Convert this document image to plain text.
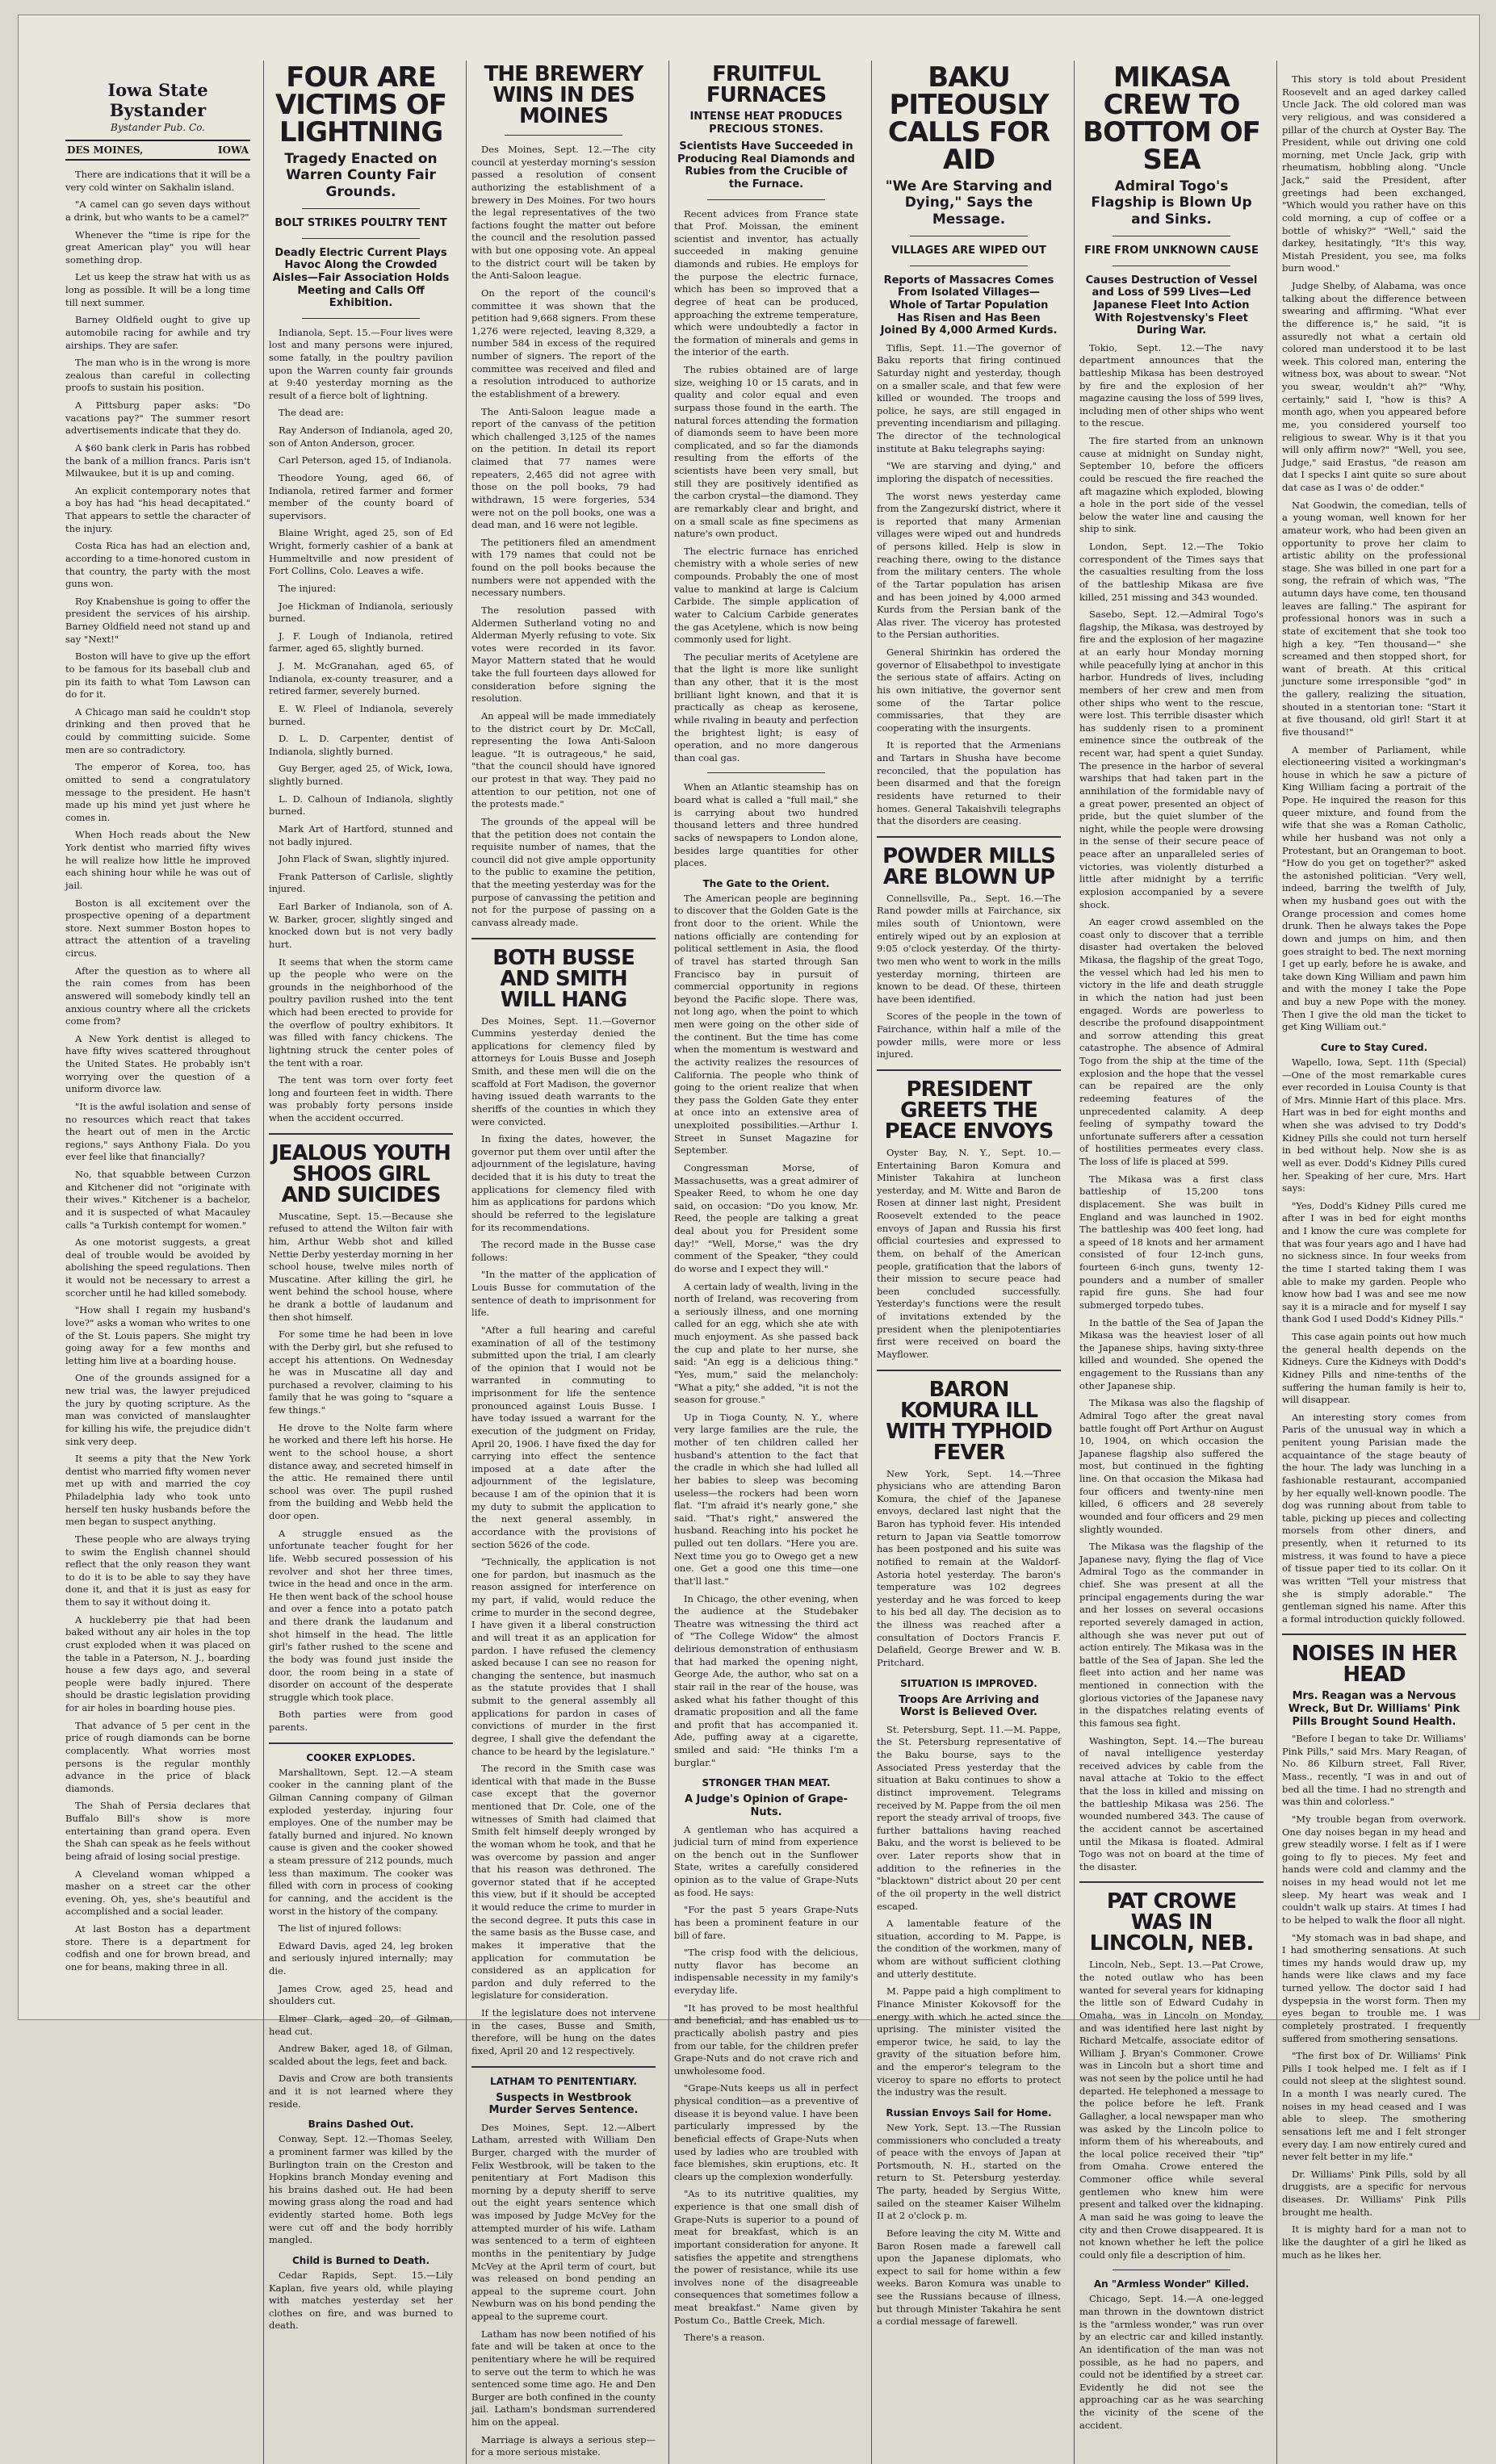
Iowa State Bystander
Bystander Pub. Co.
DES MOINES,	IOWA

There are indications that it will be a very cold winter on Sakhalin island.

"A camel can go seven days without a drink, but who wants to be a camel?"

Whenever the "time is ripe for the great American play" you will hear something drop.

Let us keep the straw hat with us as long as possible. It will be a long time till next summer.

Barney Oldfield ought to give up automobile racing for awhile and try airships. They are safer.

The man who is in the wrong is more zealous than careful in collecting proofs to sustain his position.

A Pittsburg paper asks: "Do vacations pay?" The summer resort advertisements indicate that they do.

A $60 bank clerk in Paris has robbed the bank of a million francs. Paris isn't Milwaukee, but it is up and coming.

An explicit contemporary notes that a boy has had "his head decapitated." That appears to settle the character of the injury.

Costa Rica has had an election and, according to a time-honored custom in that country, the party with the most guns won.

Roy Knabenshue is going to offer the president the services of his airship. Barney Oldfield need not stand up and say "Next!"

Boston will have to give up the effort to be famous for its baseball club and pin its faith to what Tom Lawson can do for it.

A Chicago man said he couldn't stop drinking and then proved that he could by committing suicide. Some men are so contradictory.

The emperor of Korea, too, has omitted to send a congratulatory message to the president. He hasn't made up his mind yet just where he comes in.

When Hoch reads about the New York dentist who married fifty wives he will realize how little he improved each shining hour while he was out of jail.

Boston is all excitement over the prospective opening of a department store. Next summer Boston hopes to attract the attention of a traveling circus.

After the question as to where all the rain comes from has been answered will somebody kindly tell an anxious country where all the crickets come from?

A New York dentist is alleged to have fifty wives scattered throughout the United States. He probably isn't worrying over the question of a uniform divorce law.

"It is the awful isolation and sense of no resources which react that takes the heart out of men in the Arctic regions," says Anthony Fiala. Do you ever feel like that financially?

No, that squabble between Curzon and Kitchener did not "originate with their wives." Kitchener is a bachelor, and it is suspected of what Macauley calls "a Turkish contempt for women."

As one motorist suggests, a great deal of trouble would be avoided by abolishing the speed regulations. Then it would not be necessary to arrest a scorcher until he had killed somebody.

"How shall I regain my husband's love?" asks a woman who writes to one of the St. Louis papers. She might try going away for a few months and letting him live at a boarding house.

One of the grounds assigned for a new trial was, the lawyer prejudiced the jury by quoting scripture. As the man was convicted of manslaughter for killing his wife, the prejudice didn't sink very deep.

It seems a pity that the New York dentist who married fifty women never met up with and married the coy Philadelphia lady who took unto herself ten husky husbands before the men began to suspect anything.

These people who are always trying to swim the English channel should reflect that the only reason they want to do it is to be able to say they have done it, and that it is just as easy for them to say it without doing it.

A huckleberry pie that had been baked without any air holes in the top crust exploded when it was placed on the table in a Paterson, N. J., boarding house a few days ago, and several people were badly injured. There should be drastic legislation providing for air holes in boarding house pies.

That advance of 5 per cent in the price of rough diamonds can be borne complacently. What worries most persons is the regular monthly advance in the price of black diamonds.

The Shah of Persia declares that Buffalo Bill's show is more entertaining than grand opera. Even the Shah can speak as he feels without being afraid of losing social prestige.

A Cleveland woman whipped a masher on a street car the other evening. Oh, yes, she's beautiful and accomplished and a social leader.

At last Boston has a department store. There is a department for codfish and one for brown bread, and one for beans, making three in all.

FOUR ARE VICTIMS OF LIGHTNING
Tragedy Enacted on Warren County Fair Grounds.
BOLT STRIKES POULTRY TENT
Deadly Electric Current Plays Havoc Along the Crowded Aisles—Fair Association Holds Meeting and Calls Off Exhibition.

Indianola, Sept. 15.—Four lives were lost and many persons were injured, some fatally, in the poultry pavilion upon the Warren county fair grounds at 9:40 yesterday morning as the result of a fierce bolt of lightning.

The dead are:

Ray Anderson of Indianola, aged 20, son of Anton Anderson, grocer.

Carl Peterson, aged 15, of Indianola.

Theodore Young, aged 66, of Indianola, retired farmer and former member of the county board of supervisors.

Blaine Wright, aged 25, son of Ed Wright, formerly cashier of a bank at Hummeltville and now president of Fort Collins, Colo. Leaves a wife.

The injured:

Joe Hickman of Indianola, seriously burned.

J. F. Lough of Indianola, retired farmer, aged 65, slightly burned.

J. M. McGranahan, aged 65, of Indianola, ex-county treasurer, and a retired farmer, severely burned.

E. W. Fleel of Indianola, severely burned.

D. L. D. Carpenter, dentist of Indianola, slightly burned.

Guy Berger, aged 25, of Wick, Iowa, slightly burned.

L. D. Calhoun of Indianola, slightly burned.

Mark Art of Hartford, stunned and not badly injured.

John Flack of Swan, slightly injured.

Frank Patterson of Carlisle, slightly injured.

Earl Barker of Indianola, son of A. W. Barker, grocer, slightly singed and knocked down but is not very badly hurt.

It seems that when the storm came up the people who were on the grounds in the neighborhood of the poultry pavilion rushed into the tent which had been erected to provide for the overflow of poultry exhibitors. It was filled with fancy chickens. The lightning struck the center poles of the tent with a roar.

The tent was torn over forty feet long and fourteen feet in width. There was probably forty persons inside when the accident occurred.

JEALOUS YOUTH SHOOS GIRL AND SUICIDES

Muscatine, Sept. 15.—Because she refused to attend the Wilton fair with him, Arthur Webb shot and killed Nettie Derby yesterday morning in her school house, twelve miles north of Muscatine. After killing the girl, he went behind the school house, where he drank a bottle of laudanum and then shot himself.

For some time he had been in love with the Derby girl, but she refused to accept his attentions. On Wednesday he was in Muscatine all day and purchased a revolver, claiming to his family that he was going to "square a few things."

He drove to the Nolte farm where he worked and there left his horse. He went to the school house, a short distance away, and secreted himself in the attic. He remained there until school was over. The pupil rushed from the building and Webb held the door open.

A struggle ensued as the unfortunate teacher fought for her life. Webb secured possession of his revolver and shot her three times, twice in the head and once in the arm. He then went back of the school house and over a fence into a potato patch and there drank the laudanum and shot himself in the head. The little girl's father rushed to the scene and the body was found just inside the door, the room being in a state of disorder on account of the desperate struggle which took place.

Both parties were from good parents.

COOKER EXPLODES.

Marshalltown, Sept. 12.—A steam cooker in the canning plant of the Gilman Canning company of Gilman exploded yesterday, injuring four employes. One of the number may be fatally burned and injured. No known cause is given and the cooker showed a steam pressure of 212 pounds, much less than maximum. The cooker was filled with corn in process of cooking for canning, and the accident is the worst in the history of the company.

The list of injured follows:

Edward Davis, aged 24, leg broken and seriously injured internally; may die.

James Crow, aged 25, head and shoulders cut.

Elmer Clark, aged 20, of Gilman, head cut.

Andrew Baker, aged 18, of Gilman, scalded about the legs, feet and back.

Davis and Crow are both transients and it is not learned where they reside.

Brains Dashed Out.

Conway, Sept. 12.—Thomas Seeley, a prominent farmer was killed by the Burlington train on the Creston and Hopkins branch Monday evening and his brains dashed out. He had been mowing grass along the road and had evidently started home. Both legs were cut off and the body horribly mangled.

Child is Burned to Death.

Cedar Rapids, Sept. 15.—Lily Kaplan, five years old, while playing with matches yesterday set her clothes on fire, and was burned to death.

THE BREWERY WINS IN DES MOINES

Des Moines, Sept. 12.—The city council at yesterday morning's session passed a resolution of consent authorizing the establishment of a brewery in Des Moines. For two hours the legal representatives of the two factions fought the matter out before the council and the resolution passed with but one opposing vote. An appeal to the district court will be taken by the Anti-Saloon league.

On the report of the council's committee it was shown that the petition had 9,668 signers. From these 1,276 were rejected, leaving 8,329, a number 584 in excess of the required number of signers. The report of the committee was received and filed and a resolution introduced to authorize the establishment of a brewery.

The Anti-Saloon league made a report of the canvass of the petition which challenged 3,125 of the names on the petition. In detail its report claimed that 77 names were repeaters, 2,465 did not agree with those on the poll books, 79 had withdrawn, 15 were forgeries, 534 were not on the poll books, one was a dead man, and 16 were not legible.

The petitioners filed an amendment with 179 names that could not be found on the poll books because the numbers were not appended with the necessary numbers.

The resolution passed with Aldermen Sutherland voting no and Alderman Myerly refusing to vote. Six votes were recorded in its favor. Mayor Mattern stated that he would take the full fourteen days allowed for consideration before signing the resolution.

An appeal will be made immediately to the district court by Dr. McCall, representing the Iowa Anti-Saloon league. "It is outrageous," he said, "that the council should have ignored our protest in that way. They paid no attention to our petition, not one of the protests made."

The grounds of the appeal will be that the petition does not contain the requisite number of names, that the council did not give ample opportunity to the public to examine the petition, that the meeting yesterday was for the purpose of canvassing the petition and not for the purpose of passing on a canvass already made.

BOTH BUSSE AND SMITH WILL HANG

Des Moines, Sept. 11.—Governor Cummins yesterday denied the applications for clemency filed by attorneys for Louis Busse and Joseph Smith, and these men will die on the scaffold at Fort Madison, the governor having issued death warrants to the sheriffs of the counties in which they were convicted.

In fixing the dates, however, the governor put them over until after the adjournment of the legislature, having decided that it is his duty to treat the applications for clemency filed with him as applications for pardons which should be referred to the legislature for its recommendations.

The record made in the Busse case follows:

"In the matter of the application of Louis Busse for commutation of the sentence of death to imprisonment for life.

"After a full hearing and careful examination of all of the testimony submitted upon the trial, I am clearly of the opinion that I would not be warranted in commuting to imprisonment for life the sentence pronounced against Louis Busse. I have today issued a warrant for the execution of the judgment on Friday, April 20, 1906. I have fixed the day for carrying into effect the sentence imposed at a date after the adjournment of the legislature, because I am of the opinion that it is my duty to submit the application to the next general assembly, in accordance with the provisions of section 5626 of the code.

"Technically, the application is not one for pardon, but inasmuch as the reason assigned for interference on my part, if valid, would reduce the crime to murder in the second degree, I have given it a liberal construction and will treat it as an application for pardon. I have refused the clemency asked because I can see no reason for changing the sentence, but inasmuch as the statute provides that I shall submit to the general assembly all applications for pardon in cases of convictions of murder in the first degree, I shall give the defendant the chance to be heard by the legislature."

The record in the Smith case was identical with that made in the Busse case except that the governor mentioned that Dr. Cole, one of the witnesses of Smith had claimed that Smith felt himself deeply wronged by the woman whom he took, and that he was overcome by passion and anger that his reason was dethroned. The governor stated that if he accepted this view, but if it should be accepted it would reduce the crime to murder in the second degree. It puts this case in the same basis as the Busse case, and makes it imperative that the application for commutation be considered as an application for pardon and duly referred to the legislature for consideration.

If the legislature does not intervene in the cases, Busse and Smith, therefore, will be hung on the dates fixed, April 20 and 12 respectively.

LATHAM TO PENITENTIARY.
Suspects in Westbrook Murder Serves Sentence.

Des Moines, Sept. 12.—Albert Latham, arrested with William Den Burger, charged with the murder of Felix Westbrook, will be taken to the penitentiary at Fort Madison this morning by a deputy sheriff to serve out the eight years sentence which was imposed by Judge McVey for the attempted murder of his wife. Latham was sentenced to a term of eighteen months in the penitentiary by Judge McVey at the April term of court, but was released on bond pending an appeal to the supreme court. John Newburn was on his bond pending the appeal to the supreme court.

Latham has now been notified of his fate and will be taken at once to the penitentiary where he will be required to serve out the term to which he was sentenced some time ago. He and Den Burger are both confined in the county jail. Latham's bondsman surrendered him on the appeal.

Marriage is always a serious step—for a more serious mistake.

FRUITFUL FURNACES
INTENSE HEAT PRODUCES PRECIOUS STONES.
Scientists Have Succeeded in Producing Real Diamonds and Rubies from the Crucible of the Furnace.

Recent advices from France state that Prof. Moissan, the eminent scientist and inventor, has actually succeeded in making genuine diamonds and rubies. He employs for the purpose the electric furnace, which has been so improved that a degree of heat can be produced, approaching the extreme temperature, which were undoubtedly a factor in the formation of minerals and gems in the interior of the earth.

The rubies obtained are of large size, weighing 10 or 15 carats, and in quality and color equal and even surpass those found in the earth. The natural forces attending the formation of diamonds seem to have been more complicated, and so far the diamonds resulting from the efforts of the scientists have been very small, but still they are positively identified as the carbon crystal—the diamond. They are remarkably clear and bright, and on a small scale as fine specimens as nature's own product.

The electric furnace has enriched chemistry with a whole series of new compounds. Probably the one of most value to mankind at large is Calcium Carbide. The simple application of water to Calcium Carbide generates the gas Acetylene, which is now being commonly used for light.

The peculiar merits of Acetylene are that the light is more like sunlight than any other, that it is the most brilliant light known, and that it is practically as cheap as kerosene, while rivaling in beauty and perfection the brightest light; is easy of operation, and no more dangerous than coal gas.

When an Atlantic steamship has on board what is called a "full mail," she is carrying about two hundred thousand letters and three hundred sacks of newspapers to London alone, besides large quantities for other places.

The Gate to the Orient.

The American people are beginning to discover that the Golden Gate is the front door to the orient. While the nations officially are contending for political settlement in Asia, the flood of travel has started through San Francisco bay in pursuit of commercial opportunity in regions beyond the Pacific slope. There was, not long ago, when the point to which men were going on the other side of the continent. But the time has come when the momentum is westward and the activity realizes the resources of California. The people who think of going to the orient realize that when they pass the Golden Gate they enter at once into an extensive area of unexploited possibilities.—Arthur I. Street in Sunset Magazine for September.

Congressman Morse, of Massachusetts, was a great admirer of Speaker Reed, to whom he one day said, on occasion: "Do you know, Mr. Reed, the people are talking a great deal about you for President some day!" "Well, Morse," was the dry comment of the Speaker, "they could do worse and I expect they will."

A certain lady of wealth, living in the north of Ireland, was recovering from a seriously illness, and one morning called for an egg, which she ate with much enjoyment. As she passed back the cup and plate to her nurse, she said: "An egg is a delicious thing." "Yes, mum," said the melancholy: "What a pity," she added, "it is not the season for grouse."

Up in Tioga County, N. Y., where very large families are the rule, the mother of ten children called her husband's attention to the fact that the cradle in which she had lulled all her babies to sleep was becoming useless—the rockers had been worn flat. "I'm afraid it's nearly gone," she said. "That's right," answered the husband. Reaching into his pocket he pulled out ten dollars. "Here you are. Next time you go to Owego get a new one. Get a good one this time—one that'll last."

In Chicago, the other evening, when the audience at the Studebaker Theatre was witnessing the third act of "The College Widow" the almost delirious demonstration of enthusiasm that had marked the opening night, George Ade, the author, who sat on a stair rail in the rear of the house, was asked what his father thought of this dramatic proposition and all the fame and profit that has accompanied it. Ade, puffing away at a cigarette, smiled and said: "He thinks I'm a burglar."

STRONGER THAN MEAT.
A Judge's Opinion of Grape-Nuts.

A gentleman who has acquired a judicial turn of mind from experience on the bench out in the Sunflower State, writes a carefully considered opinion as to the value of Grape-Nuts as food. He says:

"For the past 5 years Grape-Nuts has been a prominent feature in our bill of fare.

"The crisp food with the delicious, nutty flavor has become an indispensable necessity in my family's everyday life.

"It has proved to be most healthful and beneficial, and has enabled us to practically abolish pastry and pies from our table, for the children prefer Grape-Nuts and do not crave rich and unwholesome food.

"Grape-Nuts keeps us all in perfect physical condition—as a preventive of disease it is beyond value. I have been particularly impressed by the beneficial effects of Grape-Nuts when used by ladies who are troubled with face blemishes, skin eruptions, etc. It clears up the complexion wonderfully.

"As to its nutritive qualities, my experience is that one small dish of Grape-Nuts is superior to a pound of meat for breakfast, which is an important consideration for anyone. It satisfies the appetite and strengthens the power of resistance, while its use involves none of the disagreeable consequences that sometimes follow a meat breakfast." Name given by Postum Co., Battle Creek, Mich.

There's a reason.

BAKU PITEOUSLY CALLS FOR AID
"We Are Starving and Dying," Says the Message.
VILLAGES ARE WIPED OUT
Reports of Massacres Comes From Isolated Villages—Whole of Tartar Population Has Risen and Has Been Joined By 4,000 Armed Kurds.

Tiflis, Sept. 11.—The governor of Baku reports that firing continued Saturday night and yesterday, though on a smaller scale, and that few were killed or wounded. The troops and police, he says, are still engaged in preventing incendiarism and pillaging. The director of the technological institute at Baku telegraphs saying:

"We are starving and dying," and imploring the dispatch of necessities.

The worst news yesterday came from the Zangezurskí district, where it is reported that many Armenian villages were wiped out and hundreds of persons killed. Help is slow in reaching there, owing to the distance from the military centers. The whole of the Tartar population has arisen and has been joined by 4,000 armed Kurds from the Persian bank of the Alas river. The viceroy has protested to the Persian authorities.

General Shirinkin has ordered the governor of Elisabethpol to investigate the serious state of affairs. Acting on his own initiative, the governor sent some of the Tartar police commissaries, that they are cooperating with the insurgents.

It is reported that the Armenians and Tartars in Shusha have become reconciled, that the population has been disarmed and that the foreign residents have returned to their homes. General Takaishvili telegraphs that the disorders are ceasing.

POWDER MILLS ARE BLOWN UP

Connellsville, Pa., Sept. 16.—The Rand powder mills at Fairchance, six miles south of Uniontown, were entirely wiped out by an explosion at 9:05 o'clock yesterday. Of the thirty-two men who went to work in the mills yesterday morning, thirteen are known to be dead. Of these, thirteen have been identified.

Scores of the people in the town of Fairchance, within half a mile of the powder mills, were more or less injured.

PRESIDENT GREETS THE PEACE ENVOYS

Oyster Bay, N. Y., Sept. 10.—Entertaining Baron Komura and Minister Takahira at luncheon yesterday, and M. Witte and Baron de Rosen at dinner last night, President Roosevelt extended to the peace envoys of Japan and Russia his first official courtesies and expressed to them, on behalf of the American people, gratification that the labors of their mission to secure peace had been concluded successfully. Yesterday's functions were the result of invitations extended by the president when the plenipotentiaries first were received on board the Mayflower.

BARON KOMURA ILL WITH TYPHOID FEVER

New York, Sept. 14.—Three physicians who are attending Baron Komura, the chief of the Japanese envoys, declared last night that the Baron has typhoid fever. His intended return to Japan via Seattle tomorrow has been postponed and his suite was notified to remain at the Waldorf-Astoria hotel yesterday. The baron's temperature was 102 degrees yesterday and he was forced to keep to his bed all day. The decision as to the illness was reached after a consultation of Doctors Francis F. Delafield, George Brewer and W. B. Pritchard.

SITUATION IS IMPROVED.
Troops Are Arriving and Worst is Believed Over.

St. Petersburg, Sept. 11.—M. Pappe, the St. Petersburg representative of the Baku bourse, says to the Associated Press yesterday that the situation at Baku continues to show a distinct improvement. Telegrams received by M. Pappe from the oil men report the steady arrival of troops, five further battalions having reached Baku, and the worst is believed to be over. Later reports show that in addition to the refineries in the "blacktown" district about 20 per cent of the oil property in the well district escaped.

A lamentable feature of the situation, according to M. Pappe, is the condition of the workmen, many of whom are without sufficient clothing and utterly destitute.

M. Pappe paid a high compliment to Finance Minister Kokovsoff for the energy with which he acted since the uprising. The minister visited the emperor twice, he said, to lay the gravity of the situation before him, and the emperor's telegram to the viceroy to spare no efforts to protect the industry was the result.

Russian Envoys Sail for Home.

New York, Sept. 13.—The Russian commissioners who concluded a treaty of peace with the envoys of Japan at Portsmouth, N. H., started on the return to St. Petersburg yesterday. The party, headed by Sergius Witte, sailed on the steamer Kaiser Wilhelm II at 2 o'clock p. m.

Before leaving the city M. Witte and Baron Rosen made a farewell call upon the Japanese diplomats, who expect to sail for home within a few weeks. Baron Komura was unable to see the Russians because of illness, but through Minister Takahira he sent a cordial message of farewell.

MIKASA CREW TO BOTTOM OF SEA
Admiral Togo's Flagship is Blown Up and Sinks.
FIRE FROM UNKNOWN CAUSE
Causes Destruction of Vessel and Loss of 599 Lives—Led Japanese Fleet Into Action With Rojestvensky's Fleet During War.

Tokio, Sept. 12.—The navy department announces that the battleship Mikasa has been destroyed by fire and the explosion of her magazine causing the loss of 599 lives, including men of other ships who went to the rescue.

The fire started from an unknown cause at midnight on Sunday night, September 10, before the officers could be rescued the fire reached the aft magazine which exploded, blowing a hole in the port side of the vessel below the water line and causing the ship to sink.

London, Sept. 12.—The Tokio correspondent of the Times says that the casualties resulting from the loss of the battleship Mikasa are five killed, 251 missing and 343 wounded.

Sasebo, Sept. 12.—Admiral Togo's flagship, the Mikasa, was destroyed by fire and the explosion of her magazine at an early hour Monday morning while peacefully lying at anchor in this harbor. Hundreds of lives, including members of her crew and men from other ships who went to the rescue, were lost. This terrible disaster which has suddenly risen to a prominent eminence since the outbreak of the recent war, had spent a quiet Sunday. The presence in the harbor of several warships that had taken part in the annihilation of the formidable navy of a great power, presented an object of pride, but the quiet slumber of the night, while the people were drowsing in the sense of their secure peace of peace after an unparalleled series of victories, was violently disturbed a little after midnight by a terrific explosion accompanied by a severe shock.

An eager crowd assembled on the coast only to discover that a terrible disaster had overtaken the beloved Mikasa, the flagship of the great Togo, the vessel which had led his men to victory in the life and death struggle in which the nation had just been engaged. Words are powerless to describe the profound disappointment and sorrow attending this great catastrophe. The absence of Admiral Togo from the ship at the time of the explosion and the hope that the vessel can be repaired are the only redeeming features of the unprecedented calamity. A deep feeling of sympathy toward the unfortunate sufferers after a cessation of hostilities permeates every class. The loss of life is placed at 599.

The Mikasa was a first class battleship of 15,200 tons displacement. She was built in England and was launched in 1902. The battleship was 400 feet long, had a speed of 18 knots and her armament consisted of four 12-inch guns, fourteen 6-inch guns, twenty 12-pounders and a number of smaller rapid fire guns. She had four submerged torpedo tubes.

In the battle of the Sea of Japan the Mikasa was the heaviest loser of all the Japanese ships, having sixty-three killed and wounded. She opened the engagement to the Russians than any other Japanese ship.

The Mikasa was also the flagship of Admiral Togo after the great naval battle fought off Port Arthur on August 10, 1904, on which occasion the Japanese flagship also suffered the most, but continued in the fighting line. On that occasion the Mikasa had four officers and twenty-nine men killed, 6 officers and 28 severely wounded and four officers and 29 men slightly wounded.

The Mikasa was the flagship of the Japanese navy, flying the flag of Vice Admiral Togo as the commander in chief. She was present at all the principal engagements during the war and her losses on several occasions reported severely damaged in action, although she was never put out of action entirely. The Mikasa was in the battle of the Sea of Japan. She led the fleet into action and her name was mentioned in connection with the glorious victories of the Japanese navy in the dispatches relating events of this famous sea fight.

Washington, Sept. 14.—The bureau of naval intelligence yesterday received advices by cable from the naval attache at Tokio to the effect that the loss in killed and missing on the battleship Mikasa was 256. The wounded numbered 343. The cause of the accident cannot be ascertained until the Mikasa is floated. Admiral Togo was not on board at the time of the disaster.

PAT CROWE WAS IN LINCOLN, NEB.

Lincoln, Neb., Sept. 13.—Pat Crowe, the noted outlaw who has been wanted for several years for kidnaping the little son of Edward Cudahy in Omaha, was in Lincoln on Monday, and was identified here last night by Richard Metcalfe, associate editor of William J. Bryan's Commoner. Crowe was in Lincoln but a short time and was not seen by the police until he had departed. He telephoned a message to the police before he left. Frank Gallagher, a local newspaper man who was asked by the Lincoln police to inform them of his whereabouts, and the local police received their "tip" from Omaha. Crowe entered the Commoner office while several gentlemen who knew him were present and talked over the kidnaping. A man said he was going to leave the city and then Crowe disappeared. It is not known whether he left the police could only file a description of him.

An "Armless Wonder" Killed.

Chicago, Sept. 14.—A one-legged man thrown in the downtown district is the "armless wonder," was run over by an electric car and killed instantly. An identification of the man was not possible, as he had no papers, and could not be identified by a street car. Evidently he did not see the approaching car as he was searching the vicinity of the scene of the accident.

This story is told about President Roosevelt and an aged darkey called Uncle Jack. The old colored man was very religious, and was considered a pillar of the church at Oyster Bay. The President, while out driving one cold morning, met Uncle Jack, grip with rheumatism, hobbling along. "Uncle Jack," said the President, after greetings had been exchanged, "Which would you rather have on this cold morning, a cup of coffee or a bottle of whisky?" "Well," said the darkey, hesitatingly, "It's this way, Mistah President, you see, ma folks burn wood."

Judge Shelby, of Alabama, was once talking about the difference between swearing and affirming. "What ever the difference is," he said, "it is assuredly not what a certain old colored man understood it to be last week. This colored man, entering the witness box, was about to swear. "Not you swear, wouldn't ah?" "Why, certainly," said I, "how is this? A month ago, when you appeared before me, you considered yourself too religious to swear. Why is it that you will only affirm now?" "Well, you see, Judge," said Erastus, "de reason am dat I specks I aint quite so sure about dat case as I was o' de odder."

Nat Goodwin, the comedian, tells of a young woman, well known for her amateur work, who had been given an opportunity to prove her claim to artistic ability on the professional stage. She was billed in one part for a song, the refrain of which was, "The autumn days have come, ten thousand leaves are falling." The aspirant for professional honors was in such a state of excitement that she took too high a key. "Ten thousand—" she screamed and then stopped short, for want of breath. At this critical juncture some irresponsible "god" in the gallery, realizing the situation, shouted in a stentorian tone: "Start it at five thousand, old girl! Start it at five thousand!"

A member of Parliament, while electioneering visited a workingman's house in which he saw a picture of King William facing a portrait of the Pope. He inquired the reason for this queer mixture, and found from the wife that she was a Roman Catholic, while her husband was not only a Protestant, but an Orangeman to boot. "How do you get on together?" asked the astonished politician. "Very well, indeed, barring the twelfth of July, when my husband goes out with the Orange procession and comes home drunk. Then he always takes the Pope down and jumps on him, and then goes straight to bed. The next morning I get up early, before he is awake, and take down King William and pawn him and with the money I take the Pope and buy a new Pope with the money. Then I give the old man the ticket to get King William out."

Cure to Stay Cured.

Wapello, Iowa, Sept. 11th (Special)—One of the most remarkable cures ever recorded in Louisa County is that of Mrs. Minnie Hart of this place. Mrs. Hart was in bed for eight months and when she was advised to try Dodd's Kidney Pills she could not turn herself in bed without help. Now she is as well as ever. Dodd's Kidney Pills cured her. Speaking of her cure, Mrs. Hart says:

"Yes, Dodd's Kidney Pills cured me after I was in bed for eight months and I know the cure was complete for that was four years ago and I have had no sickness since. In four weeks from the time I started taking them I was able to make my garden. People who know how bad I was and see me now say it is a miracle and for myself I say thank God I used Dodd's Kidney Pills."

This case again points out how much the general health depends on the Kidneys. Cure the Kidneys with Dodd's Kidney Pills and nine-tenths of the suffering the human family is heir to, will disappear.

An interesting story comes from Paris of the unusual way in which a penitent young Parisian made the acquaintance of the stage beauty of the hour. The lady was lunching in a fashionable restaurant, accompanied by her equally well-known poodle. The dog was running about from table to table, picking up pieces and collecting morsels from other diners, and presently, when it returned to its mistress, it was found to have a piece of tissue paper tied to its collar. On it was written "Tell your mistress that she is simply adorable." The gentleman signed his name. After this a formal introduction quickly followed.

NOISES IN HER HEAD
Mrs. Reagan was a Nervous Wreck, But Dr. Williams' Pink Pills Brought Sound Health.

"Before I began to take Dr. Williams' Pink Pills," said Mrs. Mary Reagan, of No. 86 Kilburn street, Fall River, Mass., recently, "I was in and out of bed all the time. I had no strength and was thin and colorless."

"My trouble began from overwork. One day noises began in my head and grew steadily worse. I felt as if I were going to fly to pieces. My feet and hands were cold and clammy and the noises in my head would not let me sleep. My heart was weak and I couldn't walk up stairs. At times I had to be helped to walk the floor all night.

"My stomach was in bad shape, and I had smothering sensations. At such times my hands would draw up, my hands were like claws and my face turned yellow. The doctor said I had dyspepsia in the worst form. Then my eyes began to trouble me. I was completely prostrated. I frequently suffered from smothering sensations.

"The first box of Dr. Williams' Pink Pills I took helped me. I felt as if I could not sleep at the slightest sound. In a month I was nearly cured. The noises in my head ceased and I was able to sleep. The smothering sensations left me and I felt stronger every day. I am now entirely cured and never felt better in my life."

Dr. Williams' Pink Pills, sold by all druggists, are a specific for nervous diseases. Dr. Williams' Pink Pills brought me health.

It is mighty hard for a man not to like the daughter of a girl he liked as much as he likes her.
